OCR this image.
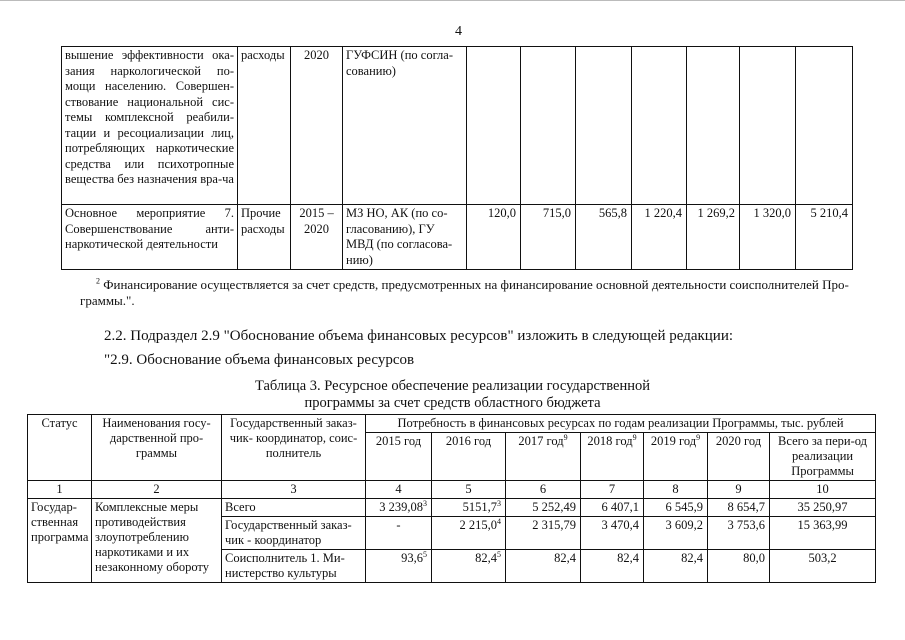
4
вышение эффективности ока-зания наркологической по-мощи населению. Совершен-ствование национальной сис-темы комплексной реабили-тации и ресоциализации лиц, потребляющих наркотические средства или психотропные вещества без назначения вра-ча	расходы	2020	ГУФСИН (по согла-сованию)							
Основное мероприятие 7. Совершенствование анти-наркотической деятельности	Прочие расходы	2015 – 2020	МЗ НО, АК (по со-гласованию), ГУ МВД (по согласова-нию)	120,0	715,0	565,8	1 220,4	1 269,2	1 320,0	5 210,4
$^2$ Финансирование осуществляется за счет средств, предусмотренных на финансирование основной деятельности соисполнителей Про-
граммы.".
2.2. Подраздел 2.9 "Обоснование объема финансовых ресурсов" изложить в следующей редакции:
"2.9. Обоснование объема финансовых ресурсов
Таблица 3. Ресурсное обеспечение реализации государственной
программы за счет средств областного бюджета
Статус	Наименования госу-дарственной про-граммы	Государственный заказ-чик- координатор, соис-полнитель	Потребность в финансовых ресурсах по годам реализации Программы, тыс. рублей						
			2015 год	2016 год	2017 год$^9$	2018 год$^9$	2019 год$^9$	2020 год	Всего за пери-од реализации Программы
1	2	3	4	5	6	7	8	9	10
Государ-ственная программа	Комплексные меры противодействия злоупотреблению наркотиками и их незаконному обороту	Всего	3 239,08$^3$	5151,7$^3$	5 252,49	6 407,1	6 545,9	8 654,7	35 250,97
		Государственный заказ-чик - координатор	-	2 215,0$^4$	2 315,79	3 470,4	3 609,2	3 753,6	15 363,99
		Соисполнитель 1. Ми-нистерство культуры	93,6$^5$	82,4$^5$	82,4	82,4	82,4	80,0	503,2
